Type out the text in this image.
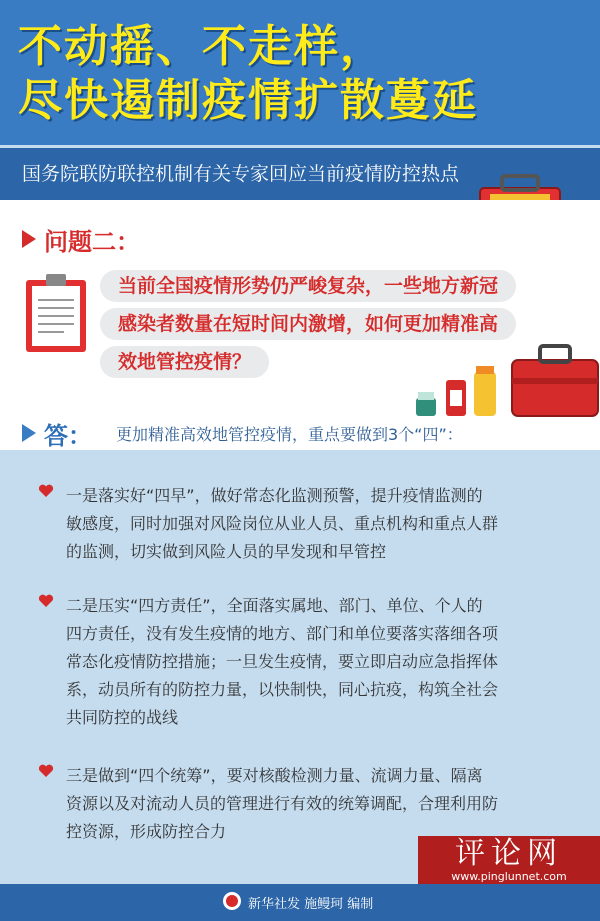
不动摇、不走样，
尽快遏制疫情扩散蔓延
国务院联防联控机制有关专家回应当前疫情防控热点
问题二：
当前全国疫情形势仍严峻复杂，一些地方新冠
感染者数量在短时间内激增，如何更加精准高
效地管控疫情？
答： 更加精准高效地管控疫情，重点要做到3个“四”：
一是落实好“四早”，做好常态化监测预警，提升疫情监测的
敏感度，同时加强对风险岗位从业人员、重点机构和重点人群
的监测，切实做到风险人员的早发现和早管控
二是压实“四方责任”，全面落实属地、部门、单位、个人的
四方责任，没有发生疫情的地方、部门和单位要落实落细各项
常态化疫情防控措施；一旦发生疫情，要立即启动应急指挥体
系，动员所有的防控力量，以快制快，同心抗疫，构筑全社会
共同防控的战线
三是做到“四个统筹”，要对核酸检测力量、流调力量、隔离
资源以及对流动人员的管理进行有效的统筹调配，合理利用防
控资源，形成防控合力
评论网
www.pinglunnet.com
新华社发 施鳗珂 编制
